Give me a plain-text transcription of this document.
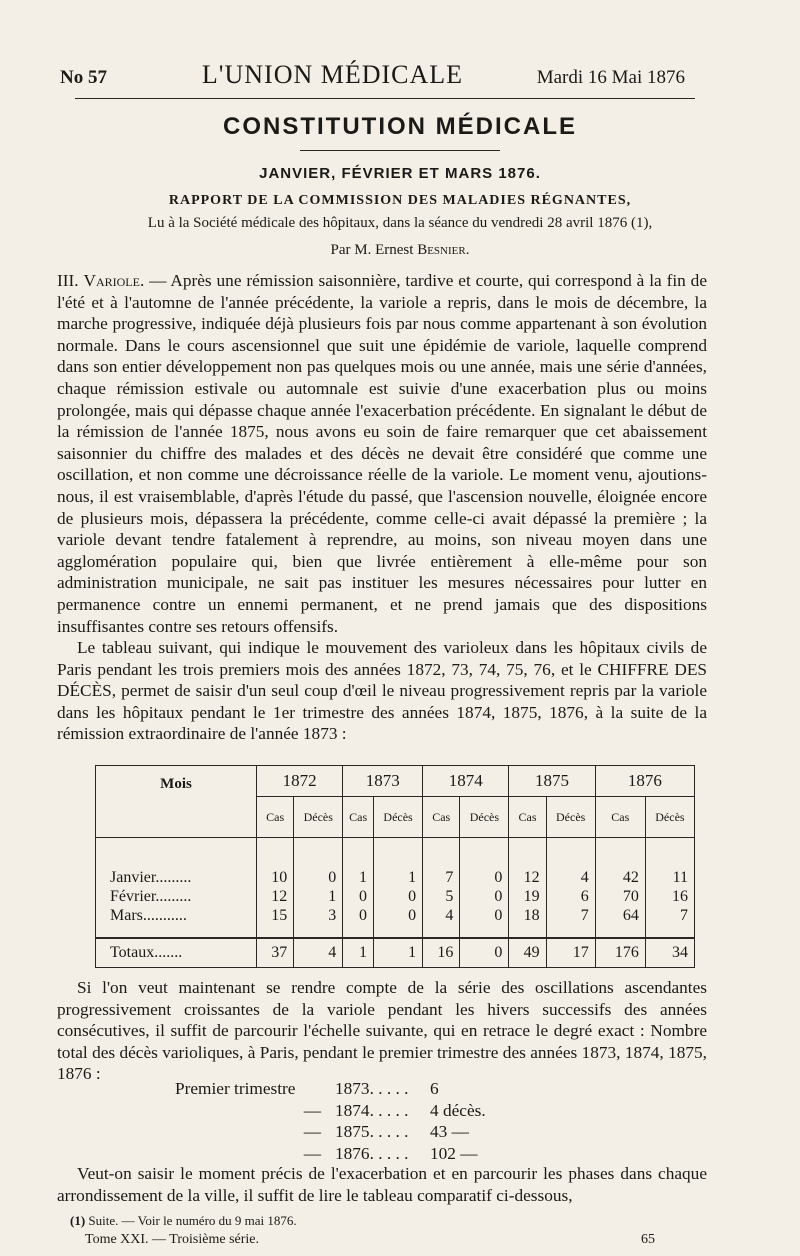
No 57	L'UNION MÉDICALE	Mardi 16 Mai 1876
CONSTITUTION MÉDICALE
JANVIER, FÉVRIER ET MARS 1876.
RAPPORT DE LA COMMISSION DES MALADIES RÉGNANTES,
Lu à la Société médicale des hôpitaux, dans la séance du vendredi 28 avril 1876 (1),
Par M. Ernest Besnier.
III. Variole. — Après une rémission saisonnière, tardive et courte, qui correspond à la fin de l'été et à l'automne de l'année précédente, la variole a repris, dans le mois de décembre, la marche progressive, indiquée déjà plusieurs fois par nous comme appartenant à son évolution normale. Dans le cours ascensionnel que suit une épidémie de variole, laquelle comprend dans son entier développement non pas quelques mois ou une année, mais une série d'années, chaque rémission estivale ou automnale est suivie d'une exacerbation plus ou moins prolongée, mais qui dépasse chaque année l'exacerbation précédente. En signalant le début de la rémission de l'année 1875, nous avons eu soin de faire remarquer que cet abaissement saisonnier du chiffre des malades et des décès ne devait être considéré que comme une oscillation, et non comme une décroissance réelle de la variole. Le moment venu, ajoutions-nous, il est vraisemblable, d'après l'étude du passé, que l'ascension nouvelle, éloignée encore de plusieurs mois, dépassera la précédente, comme celle-ci avait dépassé la première ; la variole devant tendre fatalement à reprendre, au moins, son niveau moyen dans une agglomération populaire qui, bien que livrée entièrement à elle-même pour son administration municipale, ne sait pas instituer les mesures nécessaires pour lutter en permanence contre un ennemi permanent, et ne prend jamais que des dispositions insuffisantes contre ses retours offensifs.
Le tableau suivant, qui indique le mouvement des varioleux dans les hôpitaux civils de Paris pendant les trois premiers mois des années 1872, 73, 74, 75, 76, et le CHIFFRE DES DÉCÈS, permet de saisir d'un seul coup d'œil le niveau progressivement repris par la variole dans les hôpitaux pendant le 1er trimestre des années 1874, 1875, 1876, à la suite de la rémission extraordinaire de l'année 1873 :
Mois	1872		1873		1874		1875		1876	
	Cas	Décès	Cas	Décès	Cas	Décès	Cas	Décès	Cas	Décès

Janvier.........	10	0	1	1	7	0	12	4	42	11
Février.........	12	1	0	0	5	0	19	6	70	16
Mars...........	15	3	0	0	4	0	18	7	64	7

Totaux.......	37	4	1	1	16	0	49	17	176	34
Si l'on veut maintenant se rendre compte de la série des oscillations ascendantes progressivement croissantes de la variole pendant les hivers successifs des années consécutives, il suffit de parcourir l'échelle suivante, qui en retrace le degré exact : Nombre total des décès varioliques, à Paris, pendant le premier trimestre des années 1873, 1874, 1875, 1876 :
Premier trimestre	1873. . . . .	6
— 1874. . . . .	4 décès.
— 1875. . . . .	43 —
— 1876. . . . .	102 —
Veut-on saisir le moment précis de l'exacerbation et en parcourir les phases dans chaque arrondissement de la ville, il suffit de lire le tableau comparatif ci-dessous,
(1) Suite. — Voir le numéro du 9 mai 1876.
Tome XXI. — Troisième série.	65
